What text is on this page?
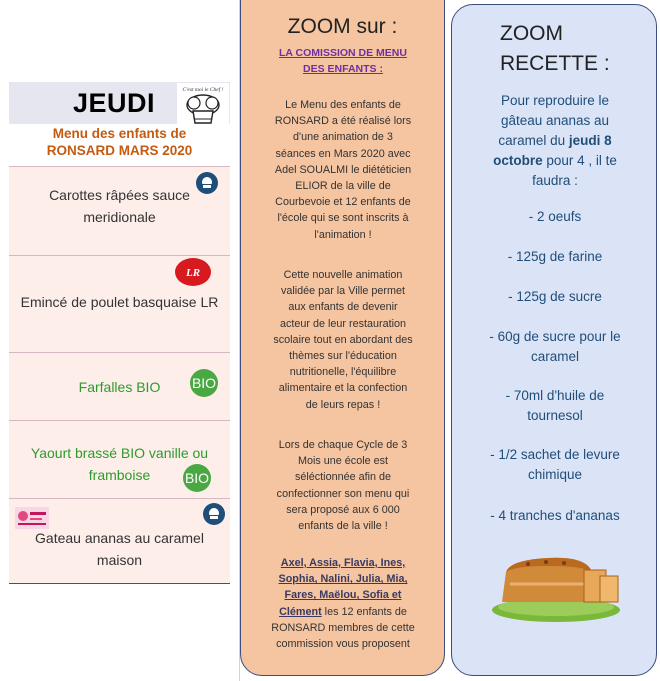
JEUDI	C'est moi le Chef !
Menu des enfants de
RONSARD MARS 2020
Carottes râpées sauce
meridionale
Emincé de poulet basquaise LR
LR
Farfalles BIO	BIO
Yaourt brassé BIO vanille ou
framboise	BIO
Gateau ananas au caramel
maison
ZOOM sur :
LA COMISSION DE MENU
DES ENFANTS :
Le Menu des enfants de
RONSARD a été réalisé lors
d'une animation de 3
séances en Mars 2020 avec
Adel SOUALMI le diététicien
ELIOR de la ville de
Courbevoie et 12 enfants de
l'école qui se sont inscrits à
l'animation !
Cette nouvelle animation
validée par la Ville permet
aux enfants de devenir
acteur de leur restauration
scolaire tout en abordant des
thèmes sur l'éducation
nutritionelle, l'équilibre
alimentaire et la confection
de leurs repas !
Lors de chaque Cycle de 3
Mois une école est
séléctionnée afin de
confectionner son menu qui
sera proposé aux 6 000
enfants de la ville !
Axel, Assia, Flavia, Ines,
Sophia, Nalini, Julia, Mia,
Fares, Maëlou, Sofia et
Clément les 12 enfants de
RONSARD membres de cette
commission vous proposent
ZOOM
RECETTE :
Pour reproduire le
gâteau ananas au
caramel du jeudi 8
octobre pour 4 , il te
faudra :
- 2 oeufs
- 125g de farine
- 125g de sucre
- 60g de sucre pour le
caramel
- 70ml d'huile de
tournesol
- 1/2 sachet de levure
chimique
- 4 tranches d'ananas
